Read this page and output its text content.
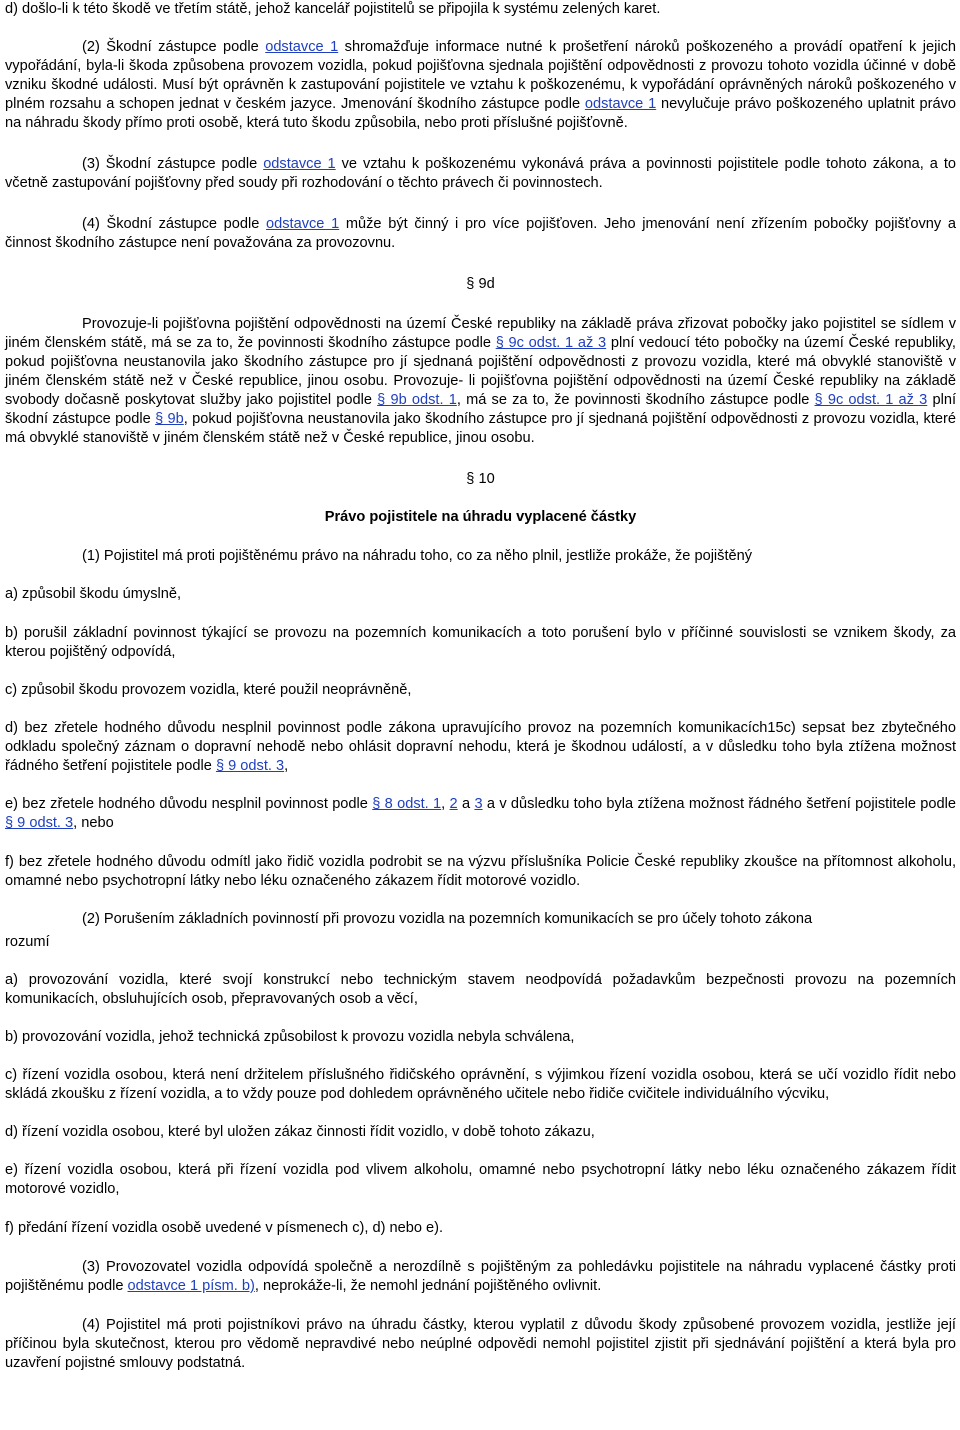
d) došlo-li k této škodě ve třetím státě, jehož kancelář pojistitelů se připojila k systému zelených karet.

(2) Škodní zástupce podle odstavce 1 shromažďuje informace nutné k prošetření nároků poškozeného a provádí opatření k jejich vypořádání, byla-li škoda způsobena provozem vozidla, pokud pojišťovna sjednala pojištění odpovědnosti z provozu tohoto vozidla účinné v době vzniku škodné události. Musí být oprávněn k zastupování pojistitele ve vztahu k poškozenému, k vypořádání oprávněných nároků poškozeného v plném rozsahu a schopen jednat v českém jazyce. Jmenování škodního zástupce podle odstavce 1 nevylučuje právo poškozeného uplatnit právo na náhradu škody přímo proti osobě, která tuto škodu způsobila, nebo proti příslušné pojišťovně.

(3) Škodní zástupce podle odstavce 1 ve vztahu k poškozenému vykonává práva a povinnosti pojistitele podle tohoto zákona, a to včetně zastupování pojišťovny před soudy při rozhodování o těchto právech či povinnostech.

(4) Škodní zástupce podle odstavce 1 může být činný i pro více pojišťoven. Jeho jmenování není zřízením pobočky pojišťovny a činnost škodního zástupce není považována za provozovnu.

§ 9d

Provozuje-li pojišťovna pojištění odpovědnosti na území České republiky na základě práva zřizovat pobočky jako pojistitel se sídlem v jiném členském státě, má se za to, že povinnosti škodního zástupce podle § 9c odst. 1 až 3 plní vedoucí této pobočky na území České republiky, pokud pojišťovna neustanovila jako škodního zástupce pro jí sjednaná pojištění odpovědnosti z provozu vozidla, které má obvyklé stanoviště v jiném členském státě než v České republice, jinou osobu. Provozuje- li pojišťovna pojištění odpovědnosti na území České republiky na základě svobody dočasně poskytovat služby jako pojistitel podle § 9b odst. 1, má se za to, že povinnosti škodního zástupce podle § 9c odst. 1 až 3 plní škodní zástupce podle § 9b, pokud pojišťovna neustanovila jako škodního zástupce pro jí sjednaná pojištění odpovědnosti z provozu vozidla, které má obvyklé stanoviště v jiném členském státě než v České republice, jinou osobu.

§ 10

Právo pojistitele na úhradu vyplacené částky

(1) Pojistitel má proti pojištěnému právo na náhradu toho, co za něho plnil, jestliže prokáže, že pojištěný

a) způsobil škodu úmyslně,

b) porušil základní povinnost týkající se provozu na pozemních komunikacích a toto porušení bylo v příčinné souvislosti se vznikem škody, za kterou pojištěný odpovídá,

c) způsobil škodu provozem vozidla, které použil neoprávněně,

d) bez zřetele hodného důvodu nesplnil povinnost podle zákona upravujícího provoz na pozemních komunikacích15c) sepsat bez zbytečného odkladu společný záznam o dopravní nehodě nebo ohlásit dopravní nehodu, která je škodnou událostí, a v důsledku toho byla ztížena možnost řádného šetření pojistitele podle § 9 odst. 3,

e) bez zřetele hodného důvodu nesplnil povinnost podle § 8 odst. 1, 2 a 3 a v důsledku toho byla ztížena možnost řádného šetření pojistitele podle § 9 odst. 3, nebo

f) bez zřetele hodného důvodu odmítl jako řidič vozidla podrobit se na výzvu příslušníka Policie České republiky zkoušce na přítomnost alkoholu, omamné nebo psychotropní látky nebo léku označeného zákazem řídit motorové vozidlo.

(2) Porušením základních povinností při provozu vozidla na pozemních komunikacích se pro účely tohoto zákona

rozumí

a) provozování vozidla, které svojí konstrukcí nebo technickým stavem neodpovídá požadavkům bezpečnosti provozu na pozemních komunikacích, obsluhujících osob, přepravovaných osob a věcí,

b) provozování vozidla, jehož technická způsobilost k provozu vozidla nebyla schválena,

c) řízení vozidla osobou, která není držitelem příslušného řidičského oprávnění, s výjimkou řízení vozidla osobou, která se učí vozidlo řídit nebo skládá zkoušku z řízení vozidla, a to vždy pouze pod dohledem oprávněného učitele nebo řidiče cvičitele individuálního výcviku,

d) řízení vozidla osobou, které byl uložen zákaz činnosti řídit vozidlo, v době tohoto zákazu,

e) řízení vozidla osobou, která při řízení vozidla pod vlivem alkoholu, omamné nebo psychotropní látky nebo léku označeného zákazem řídit motorové vozidlo,

f) předání řízení vozidla osobě uvedené v písmenech c), d) nebo e).

(3) Provozovatel vozidla odpovídá společně a nerozdílně s pojištěným za pohledávku pojistitele na náhradu vyplacené částky proti pojištěnému podle odstavce 1 písm. b), neprokáže-li, že nemohl jednání pojištěného ovlivnit.

(4) Pojistitel má proti pojistníkovi právo na úhradu částky, kterou vyplatil z důvodu škody způsobené provozem vozidla, jestliže její příčinou byla skutečnost, kterou pro vědomě nepravdivé nebo neúplné odpovědi nemohl pojistitel zjistit při sjednávání pojištění a která byla pro uzavření pojistné smlouvy podstatná.
